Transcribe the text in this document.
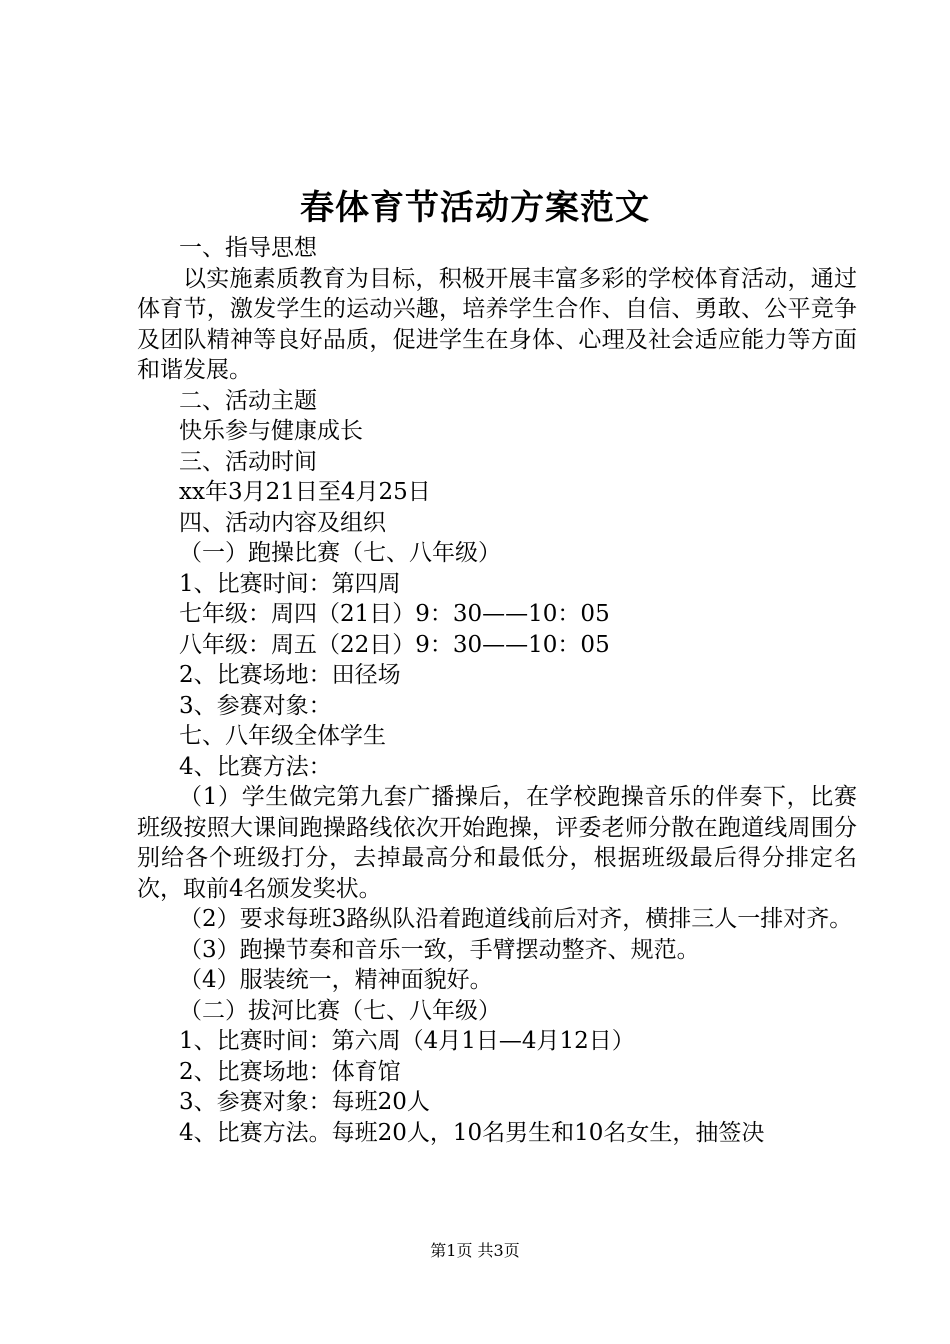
春体育节活动方案范文

一、指导思想

以实施素质教育为目标，积极开展丰富多彩的学校体育活动，通过体育节，激发学生的运动兴趣，培养学生合作、自信、勇敢、公平竞争及团队精神等良好品质，促进学生在身体、心理及社会适应能力等方面和谐发展。

二、活动主题

快乐参与健康成长

三、活动时间

xx年3月21日至4月25日

四、活动内容及组织

（一）跑操比赛（七、八年级）

1、比赛时间：第四周

七年级：周四（21日）9：30——10：05

八年级：周五（22日）9：30——10：05

2、比赛场地：田径场

3、参赛对象：

七、八年级全体学生

4、比赛方法：

（1）学生做完第九套广播操后，在学校跑操音乐的伴奏下，比赛班级按照大课间跑操路线依次开始跑操，评委老师分散在跑道线周围分别给各个班级打分，去掉最高分和最低分，根据班级最后得分排定名次，取前4名颁发奖状。

（2）要求每班3路纵队沿着跑道线前后对齐，横排三人一排对齐。

（3）跑操节奏和音乐一致，手臂摆动整齐、规范。

（4）服装统一，精神面貌好。

（二）拔河比赛（七、八年级）

1、比赛时间：第六周（4月1日—4月12日）

2、比赛场地：体育馆

3、参赛对象：每班20人

4、比赛方法。每班20人，10名男生和10名女生，抽签决

第1页 共3页
